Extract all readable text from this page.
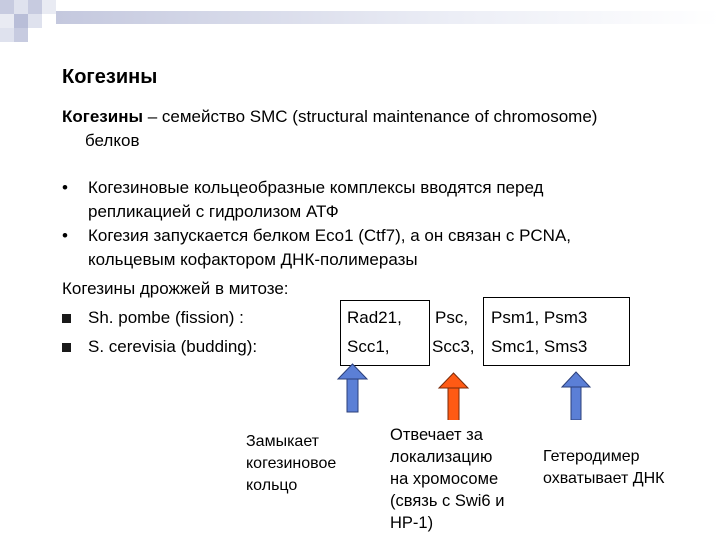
Когезины
Когезины – семейство SMC (structural maintenance of chromosome)
белков
• Когезиновые кольцеобразные комплексы вводятся перед
репликацией с гидролизом АТФ
• Когезия запускается белком Eco1 (Ctf7), а он связан с PCNA,
кольцевым кофактором ДНК-полимеразы
Когезины дрожжей в митозе:
Sh. pombe (fission) :	Rad21, Psc, Psm1, Psm3
S. cerevisia (budding):	Scc1, Scc3, Smc1, Sms3
Замыкает
когезиновое
кольцо
Отвечает за
локализацию
на хромосоме
(связь с Swi6 и
HP-1)
Гетеродимер
охватывает ДНК
